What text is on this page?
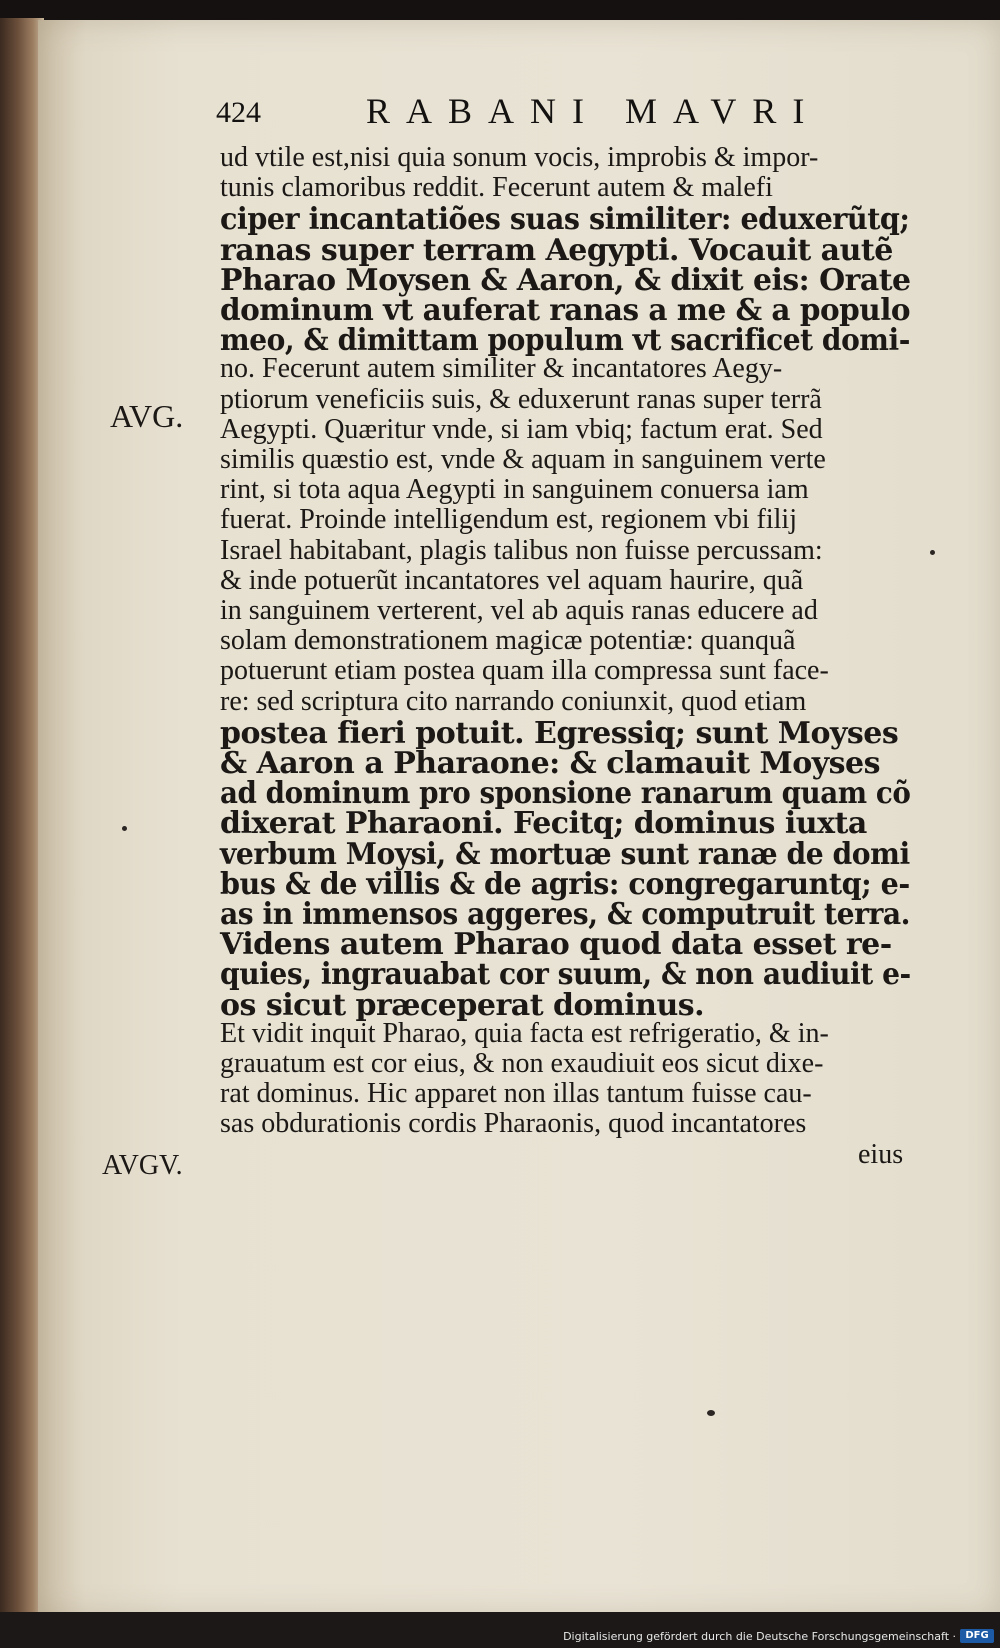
424	RABANI MAVRI

ud vtile est,nisi quia sonum vocis, improbis & impor-

tunis clamoribus reddit. Fecerunt autem & malefi

ciper incantatiões suas similiter: eduxerũtq;

ranas super terram Aegypti. Vocauit autẽ

Pharao Moysen & Aaron, & dixit eis: Orate

dominum vt auferat ranas a me & a populo

meo, & dimittam populum vt sacrificet domi-

no. Fecerunt autem similiter & incantatores Aegy-

ptiorum veneficiis suis, & eduxerunt ranas super terrã

Aegypti. Quæritur vnde, si iam vbiq; factum erat. Sed

similis quæstio est, vnde & aquam in sanguinem verte

rint, si tota aqua Aegypti in sanguinem conuersa iam

fuerat. Proinde intelligendum est, regionem vbi filij

Israel habitabant, plagis talibus non fuisse percussam:

& inde potuerũt incantatores vel aquam haurire, quã

in sanguinem verterent, vel ab aquis ranas educere ad

solam demonstrationem magicæ potentiæ: quanquã

potuerunt etiam postea quam illa compressa sunt face-

re: sed scriptura cito narrando coniunxit, quod etiam

postea fieri potuit. Egressiq; sunt Moyses

& Aaron a Pharaone: & clamauit Moyses

ad dominum pro sponsione ranarum quam cõ

dixerat Pharaoni. Fecitq; dominus iuxta

verbum Moysi, & mortuæ sunt ranæ de domi

bus & de villis & de agris: congregaruntq; e-

as in immensos aggeres, & computruit terra.

Videns autem Pharao quod data esset re-

quies, ingrauabat cor suum, & non audiuit e-

os sicut præceperat dominus.

Et vidit inquit Pharao, quia facta est refrigeratio, & in-

grauatum est cor eius, & non exaudiuit eos sicut dixe-

rat dominus. Hic apparet non illas tantum fuisse cau-

sas obdurationis cordis Pharaonis, quod incantatores

eius

AVG.
AVGV.
Digitalisierung gefördert durch die Deutsche Forschungsgemeinschaft · DFG
